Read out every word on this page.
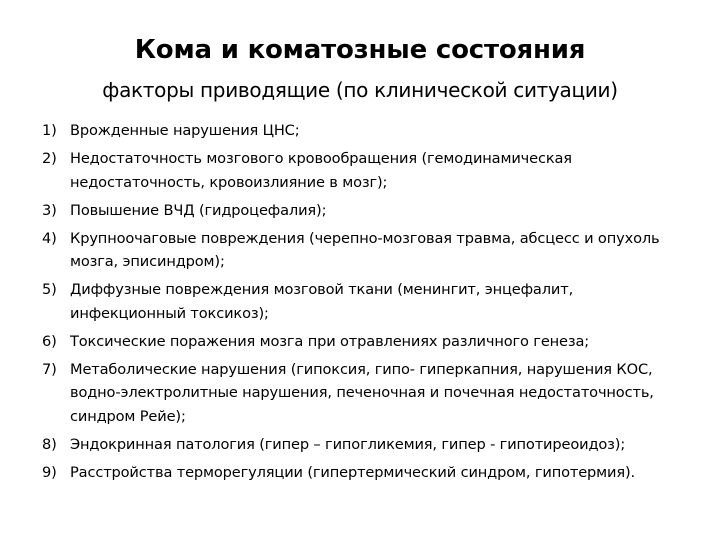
Кома и коматозные состояния
факторы приводящие (по клинической ситуации)
1) Врожденные нарушения ЦНС;
2) Недостаточность мозгового кровообращения (гемодинамическая недостаточность, кровоизлияние в мозг);
3) Повышение ВЧД (гидроцефалия);
4) Крупноочаговые повреждения (черепно-мозговая травма, абсцесс и опухоль мозга, эписиндром);
5) Диффузные повреждения мозговой ткани (менингит, энцефалит, инфекционный токсикоз);
6) Токсические поражения мозга при отравлениях различного генеза;
7) Метаболические нарушения (гипоксия, гипо- гиперкапния, нарушения КОС, водно-электролитные нарушения, печеночная и почечная недостаточность, синдром Рейе);
8) Эндокринная патология (гипер – гипогликемия, гипер - гипотиреоидоз);
9) Расстройства терморегуляции (гипертермический синдром, гипотермия).
